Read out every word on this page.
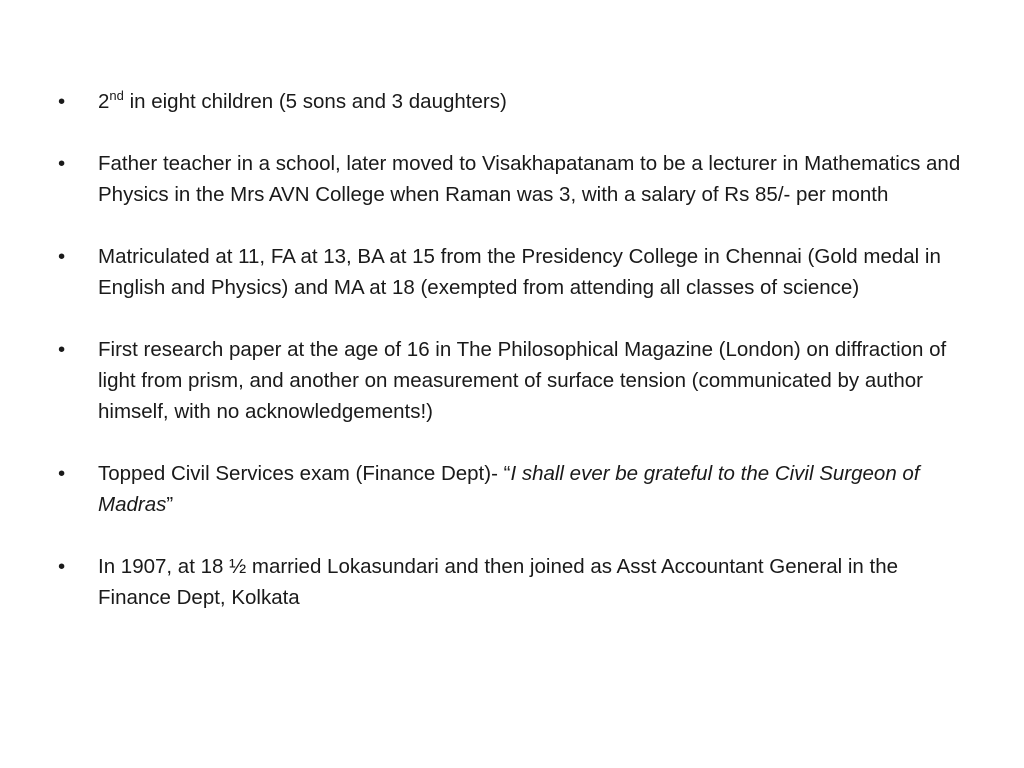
•	2nd in eight children (5 sons and 3 daughters)
•	Father teacher in a school, later moved to Visakhapatanam to be a lecturer in Mathematics and Physics in the Mrs AVN College when Raman was 3, with a salary of Rs 85/- per month
•	Matriculated at 11, FA at 13, BA at 15 from the Presidency College in Chennai (Gold medal in English and Physics) and MA at 18 (exempted from attending all classes of science)
•	First research paper at the age of 16 in The Philosophical Magazine (London) on diffraction of light from prism, and another on measurement of surface tension (communicated by author himself, with no acknowledgements!)
•	Topped Civil Services exam (Finance Dept)- “I shall ever be grateful to the Civil Surgeon of Madras”
•	In 1907, at 18 ½ married Lokasundari and then joined as Asst Accountant General in the Finance Dept, Kolkata
